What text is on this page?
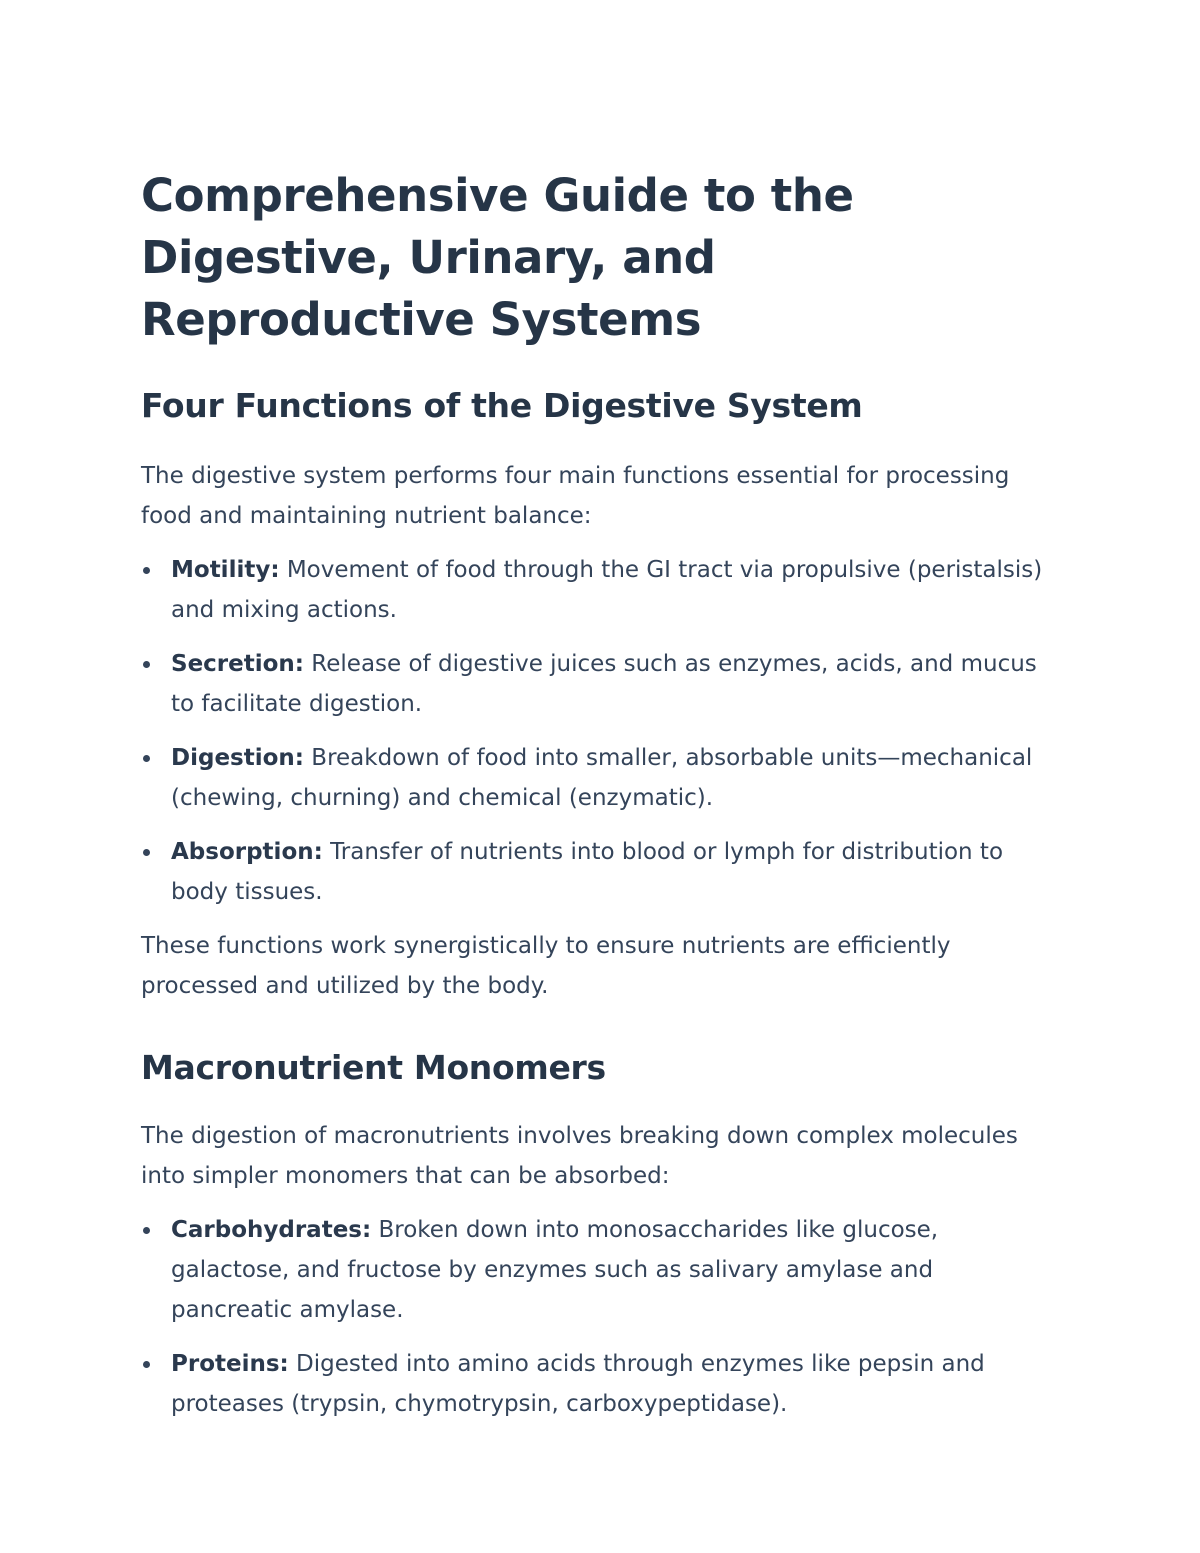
Comprehensive Guide to the Digestive, Urinary, and Reproductive Systems
Four Functions of the Digestive System

The digestive system performs four main functions essential for processing food and maintaining nutrient balance:

Motility: Movement of food through the GI tract via propulsive (peristalsis) and mixing actions.
Secretion: Release of digestive juices such as enzymes, acids, and mucus to facilitate digestion.
Digestion: Breakdown of food into smaller, absorbable units—mechanical (chewing, churning) and chemical (enzymatic).
Absorption: Transfer of nutrients into blood or lymph for distribution to body tissues.

These functions work synergistically to ensure nutrients are efficiently processed and utilized by the body.

Macronutrient Monomers

The digestion of macronutrients involves breaking down complex molecules into simpler monomers that can be absorbed:

Carbohydrates: Broken down into monosaccharides like glucose, galactose, and fructose by enzymes such as salivary amylase and pancreatic amylase.
Proteins: Digested into amino acids through enzymes like pepsin and proteases (trypsin, chymotrypsin, carboxypeptidase).
